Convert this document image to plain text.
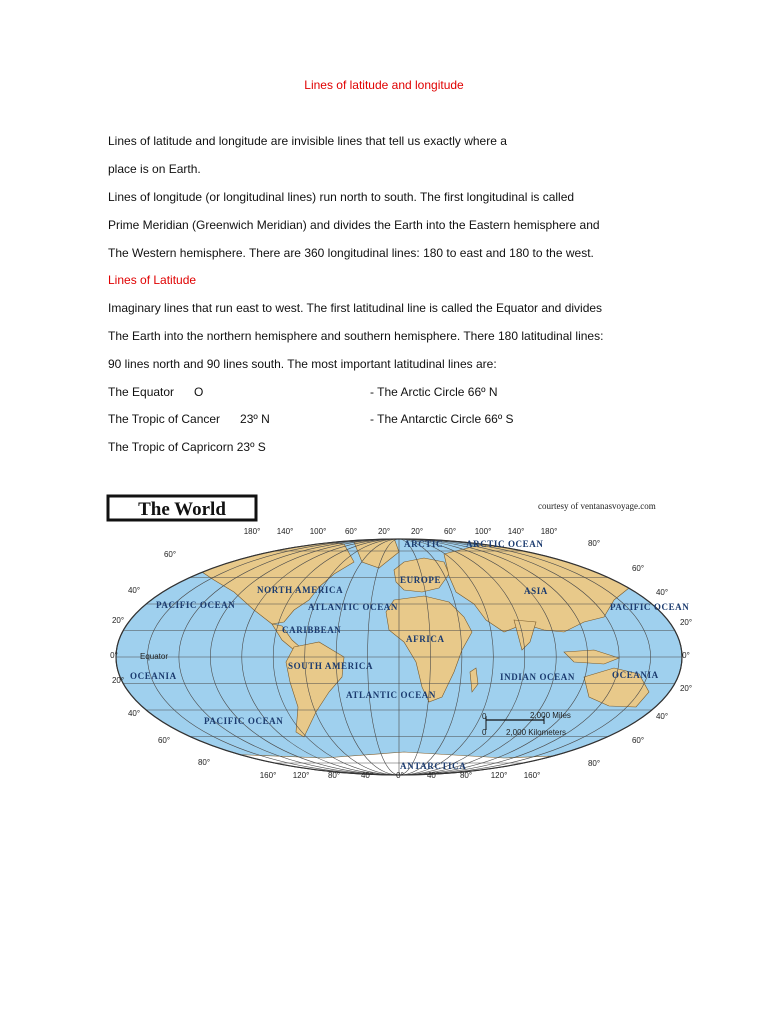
Lines of latitude and longitude
Lines of latitude and longitude are invisible lines that tell us exactly where a
place is on Earth.
Lines of longitude (or longitudinal lines) run north to south. The first longitudinal is called
Prime Meridian (Greenwich Meridian) and divides the Earth into the Eastern hemisphere and
The Western hemisphere. There are 360 longitudinal lines: 180 to east and 180 to the west.
Lines of Latitude
Imaginary lines that run east to west. The first latitudinal line is called the Equator and divides
The Earth into the northern hemisphere and southern hemisphere. There 180 latitudinal lines:
90 lines north and 90 lines south. The most important latitudinal lines are:
The Equator      O	- The Arctic Circle 66º N
The Tropic of Cancer      23º N	- The Antarctic Circle 66º S
The Tropic of Capricorn 23º S
The World	courtesy of ventanasvoyage.com
180° 140° 100° 60°	20°	20°	60° 100° 140° 180°
160° 120° 80°	40°	0°	40°	80° 120° 160°
60°
40°
20°
0°
20°
40°
60°
80°
80°
60°
40°
20°
0°
20°
40°
60°
80°
Equator
ARCTIC	ARCTIC OCEAN
NORTH AMERICA
PACIFIC OCEAN	ATLANTIC OCEAN
CARIBBEAN
EUROPE
ASIA
AFRICA
PACIFIC OCEAN
SOUTH AMERICA
OCEANIA	OCEANIA
ATLANTIC OCEAN
INDIAN OCEAN
PACIFIC OCEAN
ANTARCTICA
0	2,000 Miles
0 2,000 Kilometers
